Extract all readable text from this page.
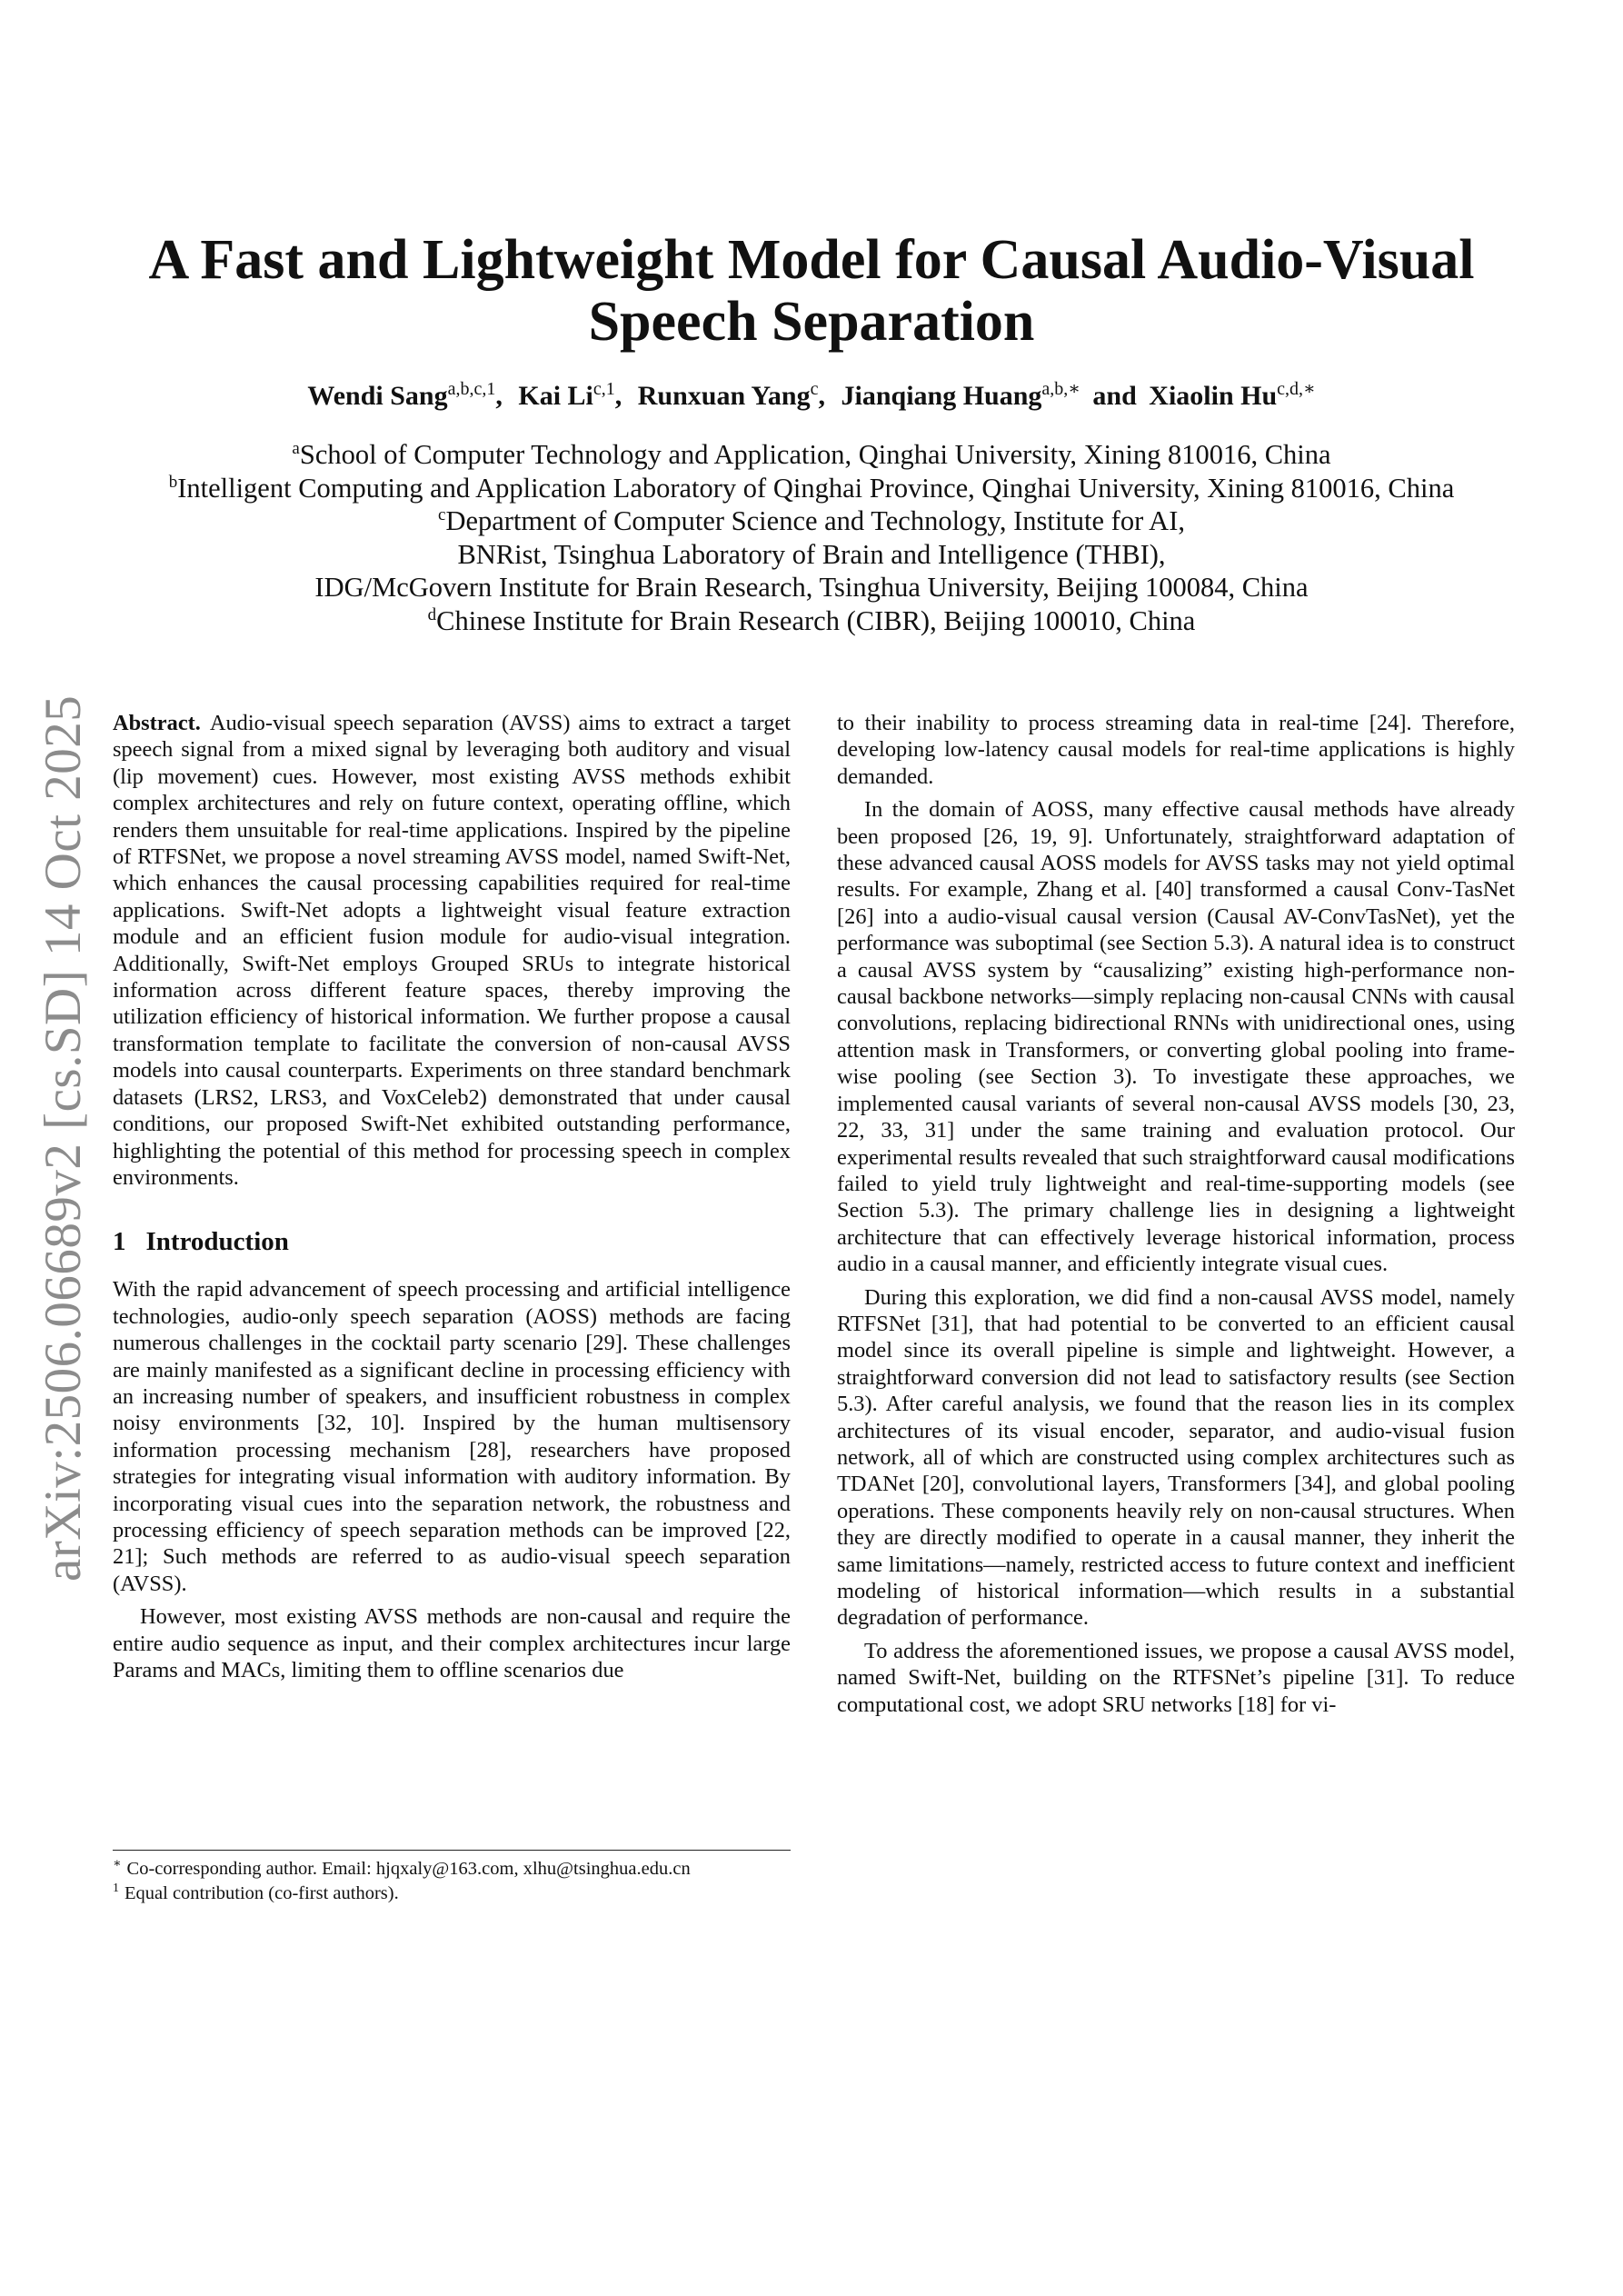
arXiv:2506.06689v2 [cs.SD] 14 Oct 2025
A Fast and Lightweight Model for Causal Audio-Visual
Speech Separation
Wendi Sang$^{a,b,c,1}$, Kai Li$^{c,1}$, Runxuan Yang$^c$, Jianqiang Huang$^{a,b,∗}$ and Xiaolin $Hu^{c,d,∗}$
$^a$School of Computer Technology and Application, Qinghai University, Xining 810016, China
$^b$Intelligent Computing and Application Laboratory of Qinghai Province, Qinghai University, Xining 810016, China
$^c$Department of Computer Science and Technology, Institute for AI,
BNRist, Tsinghua Laboratory of Brain and Intelligence (THBI),
IDG/McGovern Institute for Brain Research, Tsinghua University, Beijing 100084, China
$^d$Chinese Institute for Brain Research (CIBR), Beijing 100010, China

Abstract. Audio-visual speech separation (AVSS) aims to extract a target speech signal from a mixed signal by leveraging both auditory and visual (lip movement) cues. However, most existing AVSS methods exhibit complex architectures and rely on future context, operating offline, which renders them unsuitable for real-time applications. Inspired by the pipeline of RTFSNet, we propose a novel streaming AVSS model, named Swift-Net, which enhances the causal processing capabilities required for real-time applications. Swift-Net adopts a lightweight visual feature extraction module and an efficient fusion module for audio-visual integration. Additionally, Swift-Net employs Grouped SRUs to integrate historical information across different feature spaces, thereby improving the utilization efficiency of historical information. We further propose a causal transformation template to facilitate the conversion of non-causal AVSS models into causal counterparts. Experiments on three standard benchmark datasets (LRS2, LRS3, and VoxCeleb2) demonstrated that under causal conditions, our proposed Swift-Net exhibited outstanding performance, highlighting the potential of this method for processing speech in complex environments.

1 Introduction

With the rapid advancement of speech processing and artificial intelligence technologies, audio-only speech separation (AOSS) methods are facing numerous challenges in the cocktail party scenario [29]. These challenges are mainly manifested as a significant decline in processing efficiency with an increasing number of speakers, and insufficient robustness in complex noisy environments [32, 10]. Inspired by the human multisensory information processing mechanism [28], researchers have proposed strategies for integrating visual information with auditory information. By incorporating visual cues into the separation network, the robustness and processing efficiency of speech separation methods can be improved [22, 21]; Such methods are referred to as audio-visual speech separation (AVSS).

However, most existing AVSS methods are non-causal and require the entire audio sequence as input, and their complex architectures incur large Params and MACs, limiting them to offline scenarios due

to their inability to process streaming data in real-time [24]. Therefore, developing low-latency causal models for real-time applications is highly demanded.

In the domain of AOSS, many effective causal methods have already been proposed [26, 19, 9]. Unfortunately, straightforward adaptation of these advanced causal AOSS models for AVSS tasks may not yield optimal results. For example, Zhang et al. [40] transformed a causal Conv-TasNet [26] into a audio-visual causal version (Causal AV-ConvTasNet), yet the performance was suboptimal (see Section 5.3). A natural idea is to construct a causal AVSS system by “causalizing” existing high-performance non-causal backbone networks—simply replacing non-causal CNNs with causal convolutions, replacing bidirectional RNNs with unidirectional ones, using attention mask in Transformers, or converting global pooling into frame-wise pooling (see Section 3). To investigate these approaches, we implemented causal variants of several non-causal AVSS models [30, 23, 22, 33, 31] under the same training and evaluation protocol. Our experimental results revealed that such straightforward causal modifications failed to yield truly lightweight and real-time-supporting models (see Section 5.3). The primary challenge lies in designing a lightweight architecture that can effectively leverage historical information, process audio in a causal manner, and efficiently integrate visual cues.

During this exploration, we did find a non-causal AVSS model, namely RTFSNet [31], that had potential to be converted to an efficient causal model since its overall pipeline is simple and lightweight. However, a straightforward conversion did not lead to satisfactory results (see Section 5.3). After careful analysis, we found that the reason lies in its complex architectures of its visual encoder, separator, and audio-visual fusion network, all of which are constructed using complex architectures such as TDANet [20], convolutional layers, Transformers [34], and global pooling operations. These components heavily rely on non-causal structures. When they are directly modified to operate in a causal manner, they inherit the same limitations—namely, restricted access to future context and inefficient modeling of historical information—which results in a substantial degradation of performance.

To address the aforementioned issues, we propose a causal AVSS model, named Swift-Net, building on the RTFSNet’s pipeline [31]. To reduce computational cost, we adopt SRU networks [18] for vi-

∗ Co-corresponding author. Email: hjqxaly@163.com, xlhu@tsinghua.edu.cn
$^1$ Equal contribution (co-first authors).
